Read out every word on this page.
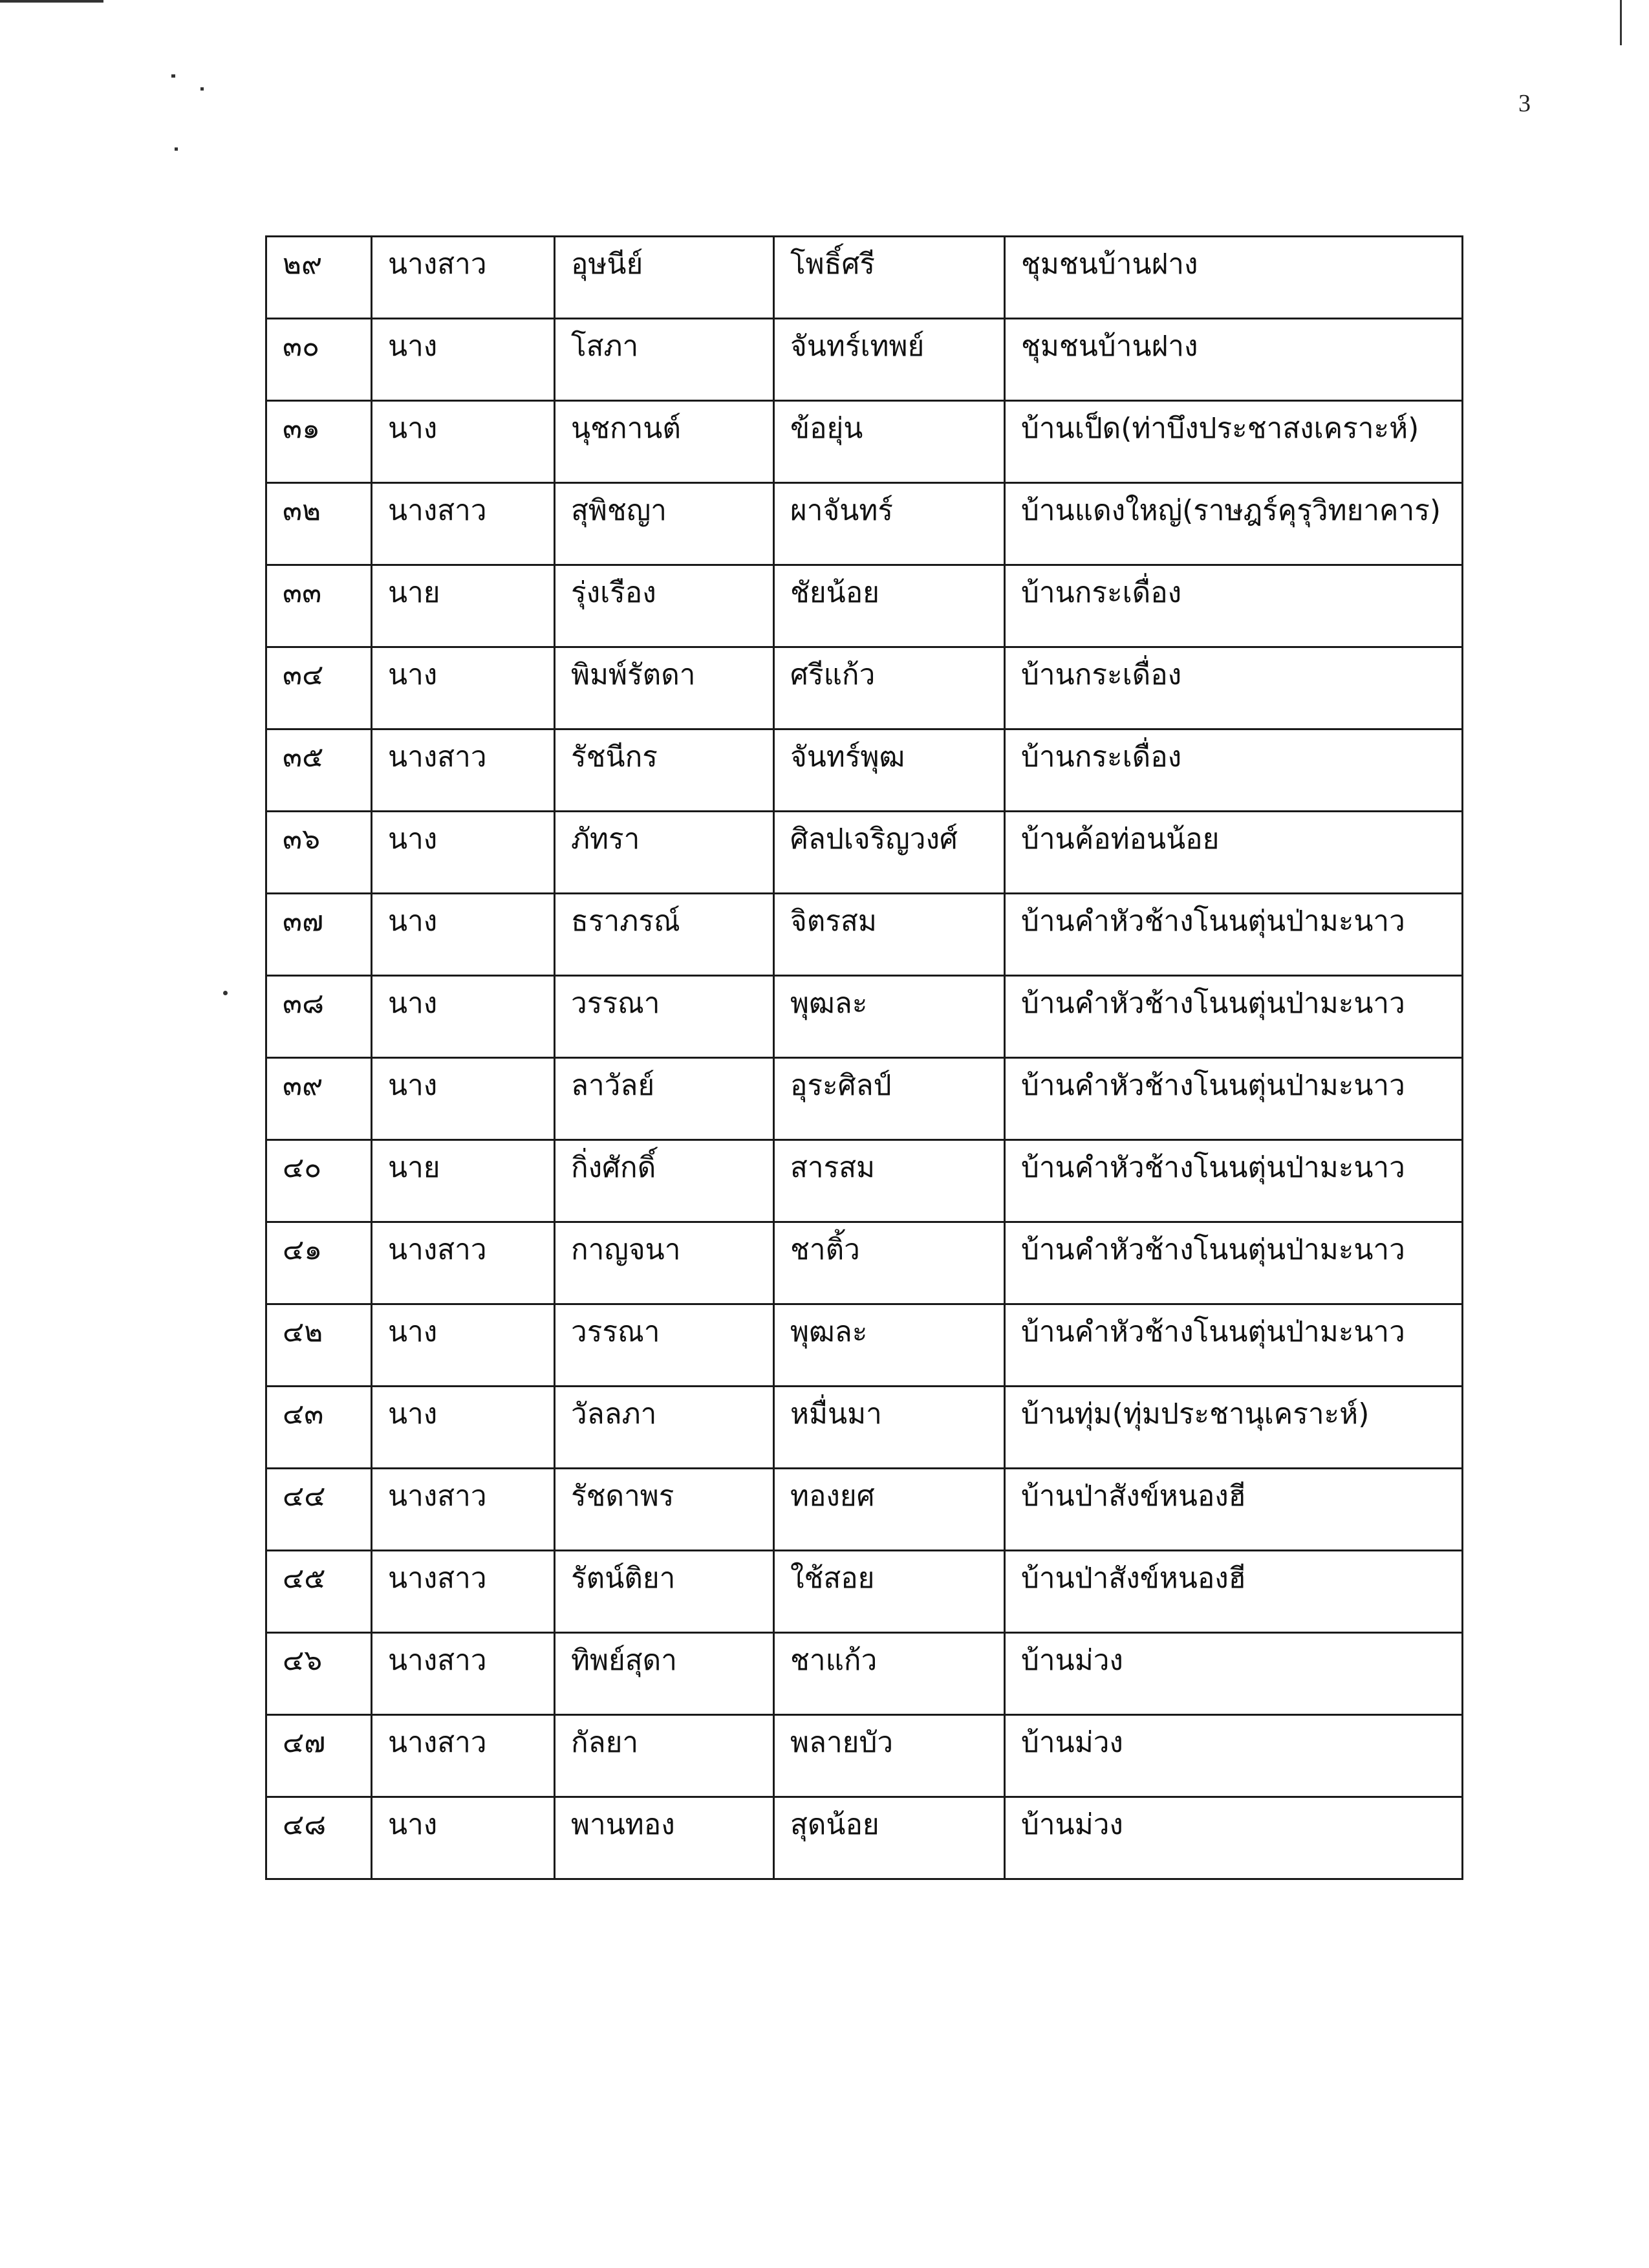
3
๒๙	นางสาว	อุษนีย์	โพธิ์ศรี	ชุมชนบ้านฝาง

๓๐	นาง	โสภา	จันทร์เทพย์	ชุมชนบ้านฝาง

๓๑	นาง	นุชกานต์	ข้อยุ่น	บ้านเป็ด(ท่าบึงประชาสงเคราะห์)

๓๒	นางสาว	สุพิชญา	ผาจันทร์	บ้านแดงใหญ่(ราษฎร์คุรุวิทยาคาร)

๓๓	นาย	รุ่งเรือง	ชัยน้อย	บ้านกระเดื่อง

๓๔	นาง	พิมพ์รัตดา	ศรีแก้ว	บ้านกระเดื่อง

๓๕	นางสาว	รัชนีกร	จันทร์พุฒ	บ้านกระเดื่อง

๓๖	นาง	ภัทรา	ศิลปเจริญวงศ์	บ้านค้อท่อนน้อย

๓๗	นาง	ธราภรณ์	จิตรสม	บ้านคำหัวช้างโนนตุ่นป่ามะนาว

๓๘	นาง	วรรณา	พุฒละ	บ้านคำหัวช้างโนนตุ่นป่ามะนาว

๓๙	นาง	ลาวัลย์	อุระศิลป์	บ้านคำหัวช้างโนนตุ่นป่ามะนาว

๔๐	นาย	กิ่งศักดิ์	สารสม	บ้านคำหัวช้างโนนตุ่นป่ามะนาว

๔๑	นางสาว	กาญจนา	ชาติ้ว	บ้านคำหัวช้างโนนตุ่นป่ามะนาว

๔๒	นาง	วรรณา	พุฒละ	บ้านคำหัวช้างโนนตุ่นป่ามะนาว

๔๓	นาง	วัลลภา	หมื่นมา	บ้านทุ่ม(ทุ่มประชานุเคราะห์)

๔๔	นางสาว	รัชดาพร	ทองยศ	บ้านป่าสังข์หนองฮี

๔๕	นางสาว	รัตน์ติยา	ใช้สอย	บ้านป่าสังข์หนองฮี

๔๖	นางสาว	ทิพย์สุดา	ชาแก้ว	บ้านม่วง

๔๗	นางสาว	กัลยา	พลายบัว	บ้านม่วง

๔๘	นาง	พานทอง	สุดน้อย	บ้านม่วง
